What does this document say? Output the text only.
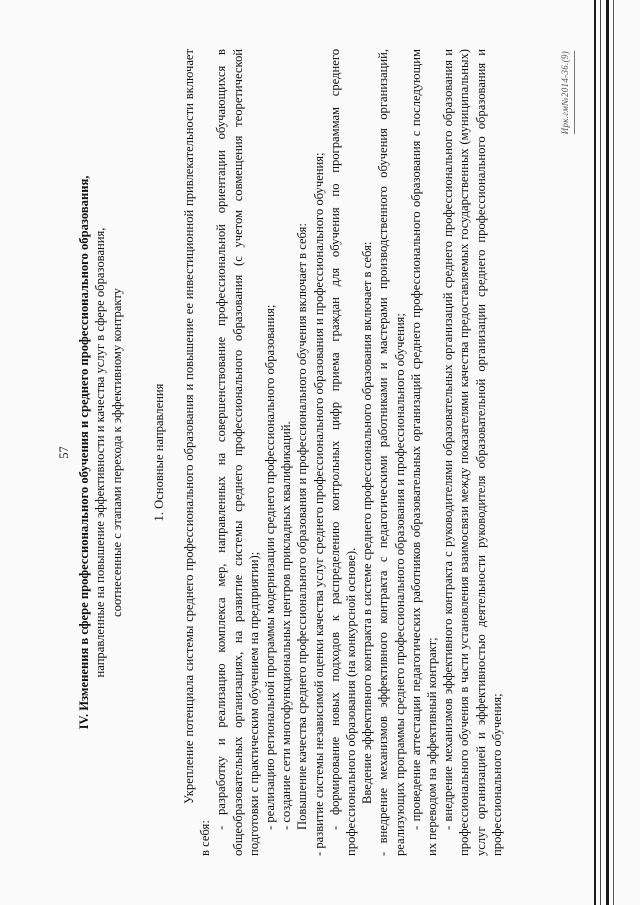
57 IV. Изменения в сфере профессионального обучения и среднего профессионального образования, направленные на повышение эффективности и качества услуг в сфере образования, соотнесенные с этапами перехода к эффективному контракту 1. Основные направления Укрепление потенциала системы среднего профессионального образования и повышение ее инвестиционной привлекательности включает в себя:

- разработку и реализацию комплекса мер, направленных на совершенствование профессиональной ориентации обучающихся в общеобразовательных организациях, на развитие системы среднего профессионального образования (с учетом совмещения теоретической подготовки с практическим обучением на предприятии); - реализацию региональной программы модернизации среднего профессионального образования; - создание сети многофункциональных центров прикладных квалификаций. Повышение качества среднего профессионального образования и профессионального обучения включает в себя: - развитие системы независимой оценки качества услуг среднего профессионального образования и профессионального обучения; - формирование новых подходов к распределению контрольных цифр приема граждан для обучения по программам среднего профессионального образования (на конкурсной основе). Введение эффективного контракта в системе среднего профессионального образования включает в себя: - внедрение механизмов эффективного контракта с педагогическими работниками и мастерами производственного обучения организаций, реализующих программы среднего профессионального образования и профессионального обучения; - проведение аттестации педагогических работников образовательных организаций среднего профессионального образования с последующим их переводом на эффективный контракт; - внедрение механизмов эффективного контракта с руководителями образовательных организаций среднего профессионального образования и профессионального обучения в части установления взаимосвязи между показателями качества предоставляемых государственных (муниципальных) услуг организацией и эффективностью деятельности руководителя образовательной организации среднего профессионального образования и профессионального обучения;

Ирк.гм№2014-36.(9)
